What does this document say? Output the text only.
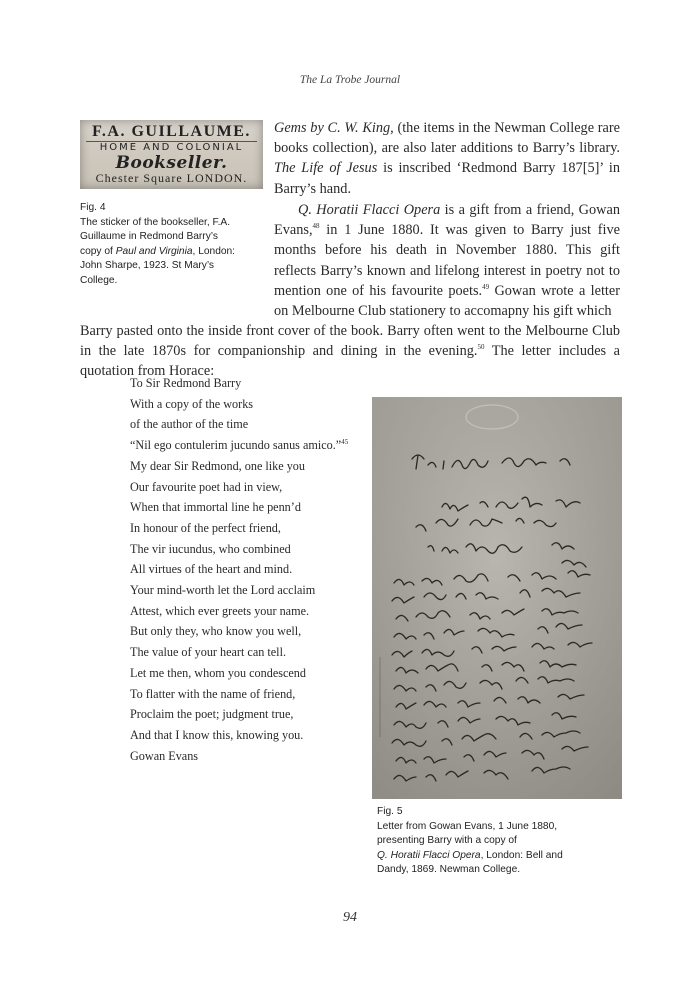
The La Trobe Journal
F.A. GUILLAUME.
HOME AND COLONIAL
Bookseller.
Chester Square LONDON.
Fig. 4
The sticker of the bookseller, F.A.
Guillaume in Redmond Barry’s
copy of Paul and Virginia, London:
John Sharpe, 1923. St Mary’s
College.
Gems by C. W. King, (the items in the Newman College rare books collection), are also later additions to Barry’s library. The Life of Jesus is inscribed ‘Redmond Barry 187[5]’ in Barry’s hand.
Q. Horatii Flacci Opera is a gift from a friend, Gowan Evans,$^{48}$ in 1 June 1880. It was given to Barry just five months before his death in November 1880. This gift reflects Barry’s known and lifelong interest in poetry not to mention one of his favourite poets.$^{49}$ Gowan wrote a letter on Melbourne Club stationery to accomapny his gift which
Barry pasted onto the inside front cover of the book. Barry often went to the Melbourne Club in the late 1870s for companionship and dining in the evening.$^{50}$ The letter includes a quotation from Horace:
To Sir Redmond Barry
With a copy of the works
of the author of the time
“Nil ego contulerim jucundo sanus amico.”$^{45}$
My dear Sir Redmond, one like you
Our favourite poet had in view,
When that immortal line he penn’d
In honour of the perfect friend,
The vir iucundus, who combined
All virtues of the heart and mind.
Your mind-worth let the Lord acclaim
Attest, which ever greets your name.
But only they, who know you well,
The value of your heart can tell.
Let me then, whom you condescend
To flatter with the name of friend,
Proclaim the poet; judgment true,
And that I know this, knowing you.
Gowan Evans
Fig. 5
Letter from Gowan Evans, 1 June 1880,
presenting Barry with a copy of
Q. Horatii Flacci Opera, London: Bell and
Dandy, 1869. Newman College.
94
